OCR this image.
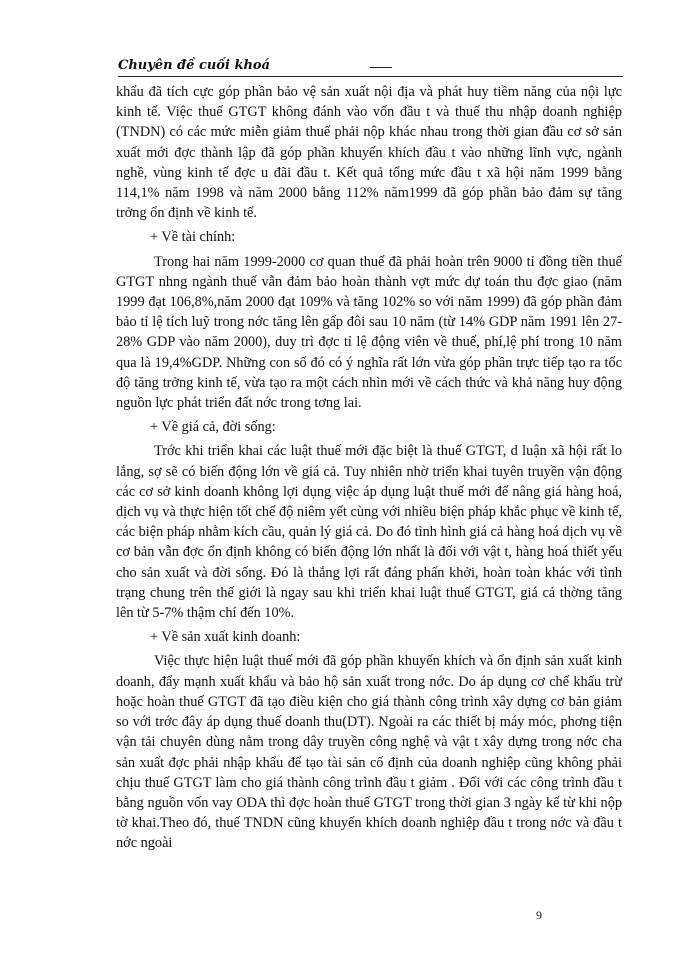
Chuyên đề cuối khoá

khẩu đã tích cực góp phần bảo vệ sản xuất nội địa và phát huy tiềm năng của nội lực kinh tế. Việc thuế GTGT không đánh vào vốn đầu t và thuế thu nhập doanh nghiệp (TNDN) có các mức miễn giảm thuế phải nộp khác nhau trong thời gian đầu cơ sở sản xuất mới đợc thành lập đã góp phần khuyến khích đầu t vào những lĩnh vực, ngành nghề, vùng kinh tế đợc u đãi đầu t. Kết quả tổng mức đầu t xã hội năm 1999 bằng 114,1% năm 1998 và năm 2000 bằng 112% năm1999 đã góp phần bảo đảm sự tăng trởng ổn định về kinh tế.

+ Về tài chính:

Trong hai năm 1999-2000 cơ quan thuế đã phải hoàn trên 9000 tỉ đồng tiền thuế GTGT nhng ngành thuế vẫn đảm bảo hoàn thành vợt mức dự toán thu đợc giao (năm 1999 đạt 106,8%,năm 2000 đạt 109% và tăng 102% so với năm 1999) đã góp phần đảm bảo tỉ lệ tích luỹ trong nớc tăng lên gấp đôi sau 10 năm (từ 14% GDP năm 1991 lên 27-28% GDP vào năm 2000), duy trì đợc tỉ lệ động viên về thuế, phí,lệ phí trong 10 năm qua là 19,4%GDP. Những con số đó có ý nghĩa rất lớn vừa góp phần trực tiếp tạo ra tốc độ tăng trởng kinh tế, vừa tạo ra một cách nhìn mới về cách thức và khả năng huy động nguồn lực phát triển đất nớc trong tơng lai.

+ Về giá cả, đời sống:

Trớc khi triển khai các luật thuế mới đặc biệt là thuế GTGT, d luận xã hội rất lo lắng, sợ sẽ có biến động lớn về giá cả. Tuy nhiên nhờ triển khai tuyên truyền vận động các cơ sở kinh doanh không lợi dụng việc áp dụng luật thuế mới để nâng giá hàng hoá, dịch vụ và thực hiện tốt chế độ niêm yết cùng với nhiều biện pháp khắc phục về kinh tế, các biện pháp nhằm kích cầu, quản lý giá cả. Do đó tình hình giá cả hàng hoá dịch vụ về cơ bản vẫn đợc ổn định không có biến động lớn nhất là đối với vật t, hàng hoá thiết yếu cho sản xuất và đời sống. Đó là thắng lợi rất đáng phấn khởi, hoàn toàn khác với tình trạng chung trên thế giới là ngay sau khi triển khai luật thuế GTGT, giá cả thờng tăng lên từ 5-7% thậm chí đến 10%.

+ Về sản xuất kinh doanh:

Việc thực hiện luật thuế mới đã góp phần khuyến khích và ổn định sản xuất kinh doanh, đẩy mạnh xuất khẩu và bảo hộ sản xuất trong nớc. Do áp dụng cơ chế khấu trừ hoặc hoàn thuế GTGT đã tạo điều kiện cho giá thành công trình xây dựng cơ bản giảm so với trớc đây áp dụng thuế doanh thu(DT). Ngoài ra các thiết bị máy móc, phơng tiện vận tải chuyên dùng nằm trong dây truyền công nghệ và vật t xây dựng trong nớc cha sản xuất đợc phải nhập khẩu để tạo tài sản cố định của doanh nghiệp cũng không phải chịu thuế GTGT làm cho giá thành công trình đầu t giảm . Đối với các công trình đầu t bằng nguồn vốn vay ODA thì đợc hoàn thuế GTGT trong thời gian 3 ngày kể từ khi nộp tờ khai.Theo đó, thuế TNDN cũng khuyến khích doanh nghiệp đầu t trong nớc và đầu t nớc ngoài

9
